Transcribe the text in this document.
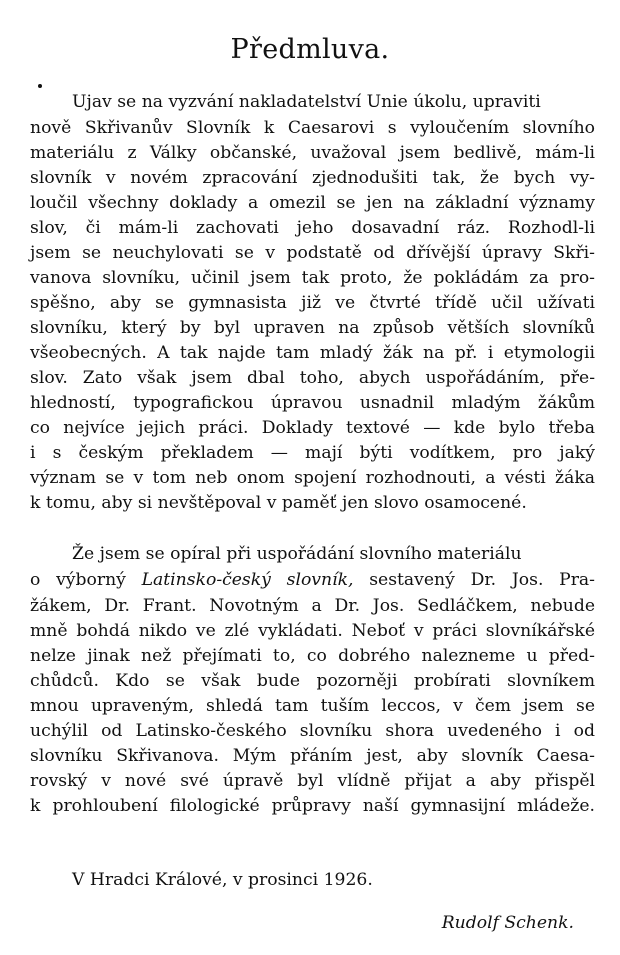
Předmluva.
Ujav se na vyzvání nakladatelství Unie úkolu, upraviti
nově Skřivanův Slovník k Caesarovi s vyloučením slovního
materiálu z Války občanské, uvažoval jsem bedlivě, mám-li
slovník v novém zpracování zjednodušiti tak, že bych vy-
loučil všechny doklady a omezil se jen na základní významy
slov, či mám-li zachovati jeho dosavadní ráz. Rozhodl-li
jsem se neuchylovati se v podstatě od dřívější úpravy Skři-
vanova slovníku, učinil jsem tak proto, že pokládám za pro-
spěšno, aby se gymnasista již ve čtvrté třídě učil užívati
slovníku, který by byl upraven na způsob větších slovníků
všeobecných. A tak najde tam mladý žák na př. i etymologii
slov. Zato však jsem dbal toho, abych uspořádáním, pře-
hledností, typografickou úpravou usnadnil mladým žákům
co nejvíce jejich práci. Doklady textové — kde bylo třeba
i s českým překladem — mají býti vodítkem, pro jaký
význam se v tom neb onom spojení rozhodnouti, a vésti žáka
k tomu, aby si nevštěpoval v paměť jen slovo osamocené.
Že jsem se opíral při uspořádání slovního materiálu
o výborný Latinsko-český slovník, sestavený Dr. Jos. Pra-
žákem, Dr. Frant. Novotným a Dr. Jos. Sedláčkem, nebude
mně bohdá nikdo ve zlé vykládati. Neboť v práci slovníkářské
nelze jinak než přejímati to, co dobrého nalezneme u před-
chůdců. Kdo se však bude pozorněji probírati slovníkem
mnou upraveným, shledá tam tuším leccos, v čem jsem se
uchýlil od Latinsko-českého slovníku shora uvedeného i od
slovníku Skřivanova. Mým přáním jest, aby slovník Caesa-
rovský v nové své úpravě byl vlídně přijat a aby přispěl
k prohloubení filologické průpravy naší gymnasijní mládeže.
V Hradci Králové, v prosinci 1926.
Rudolf Schenk.
